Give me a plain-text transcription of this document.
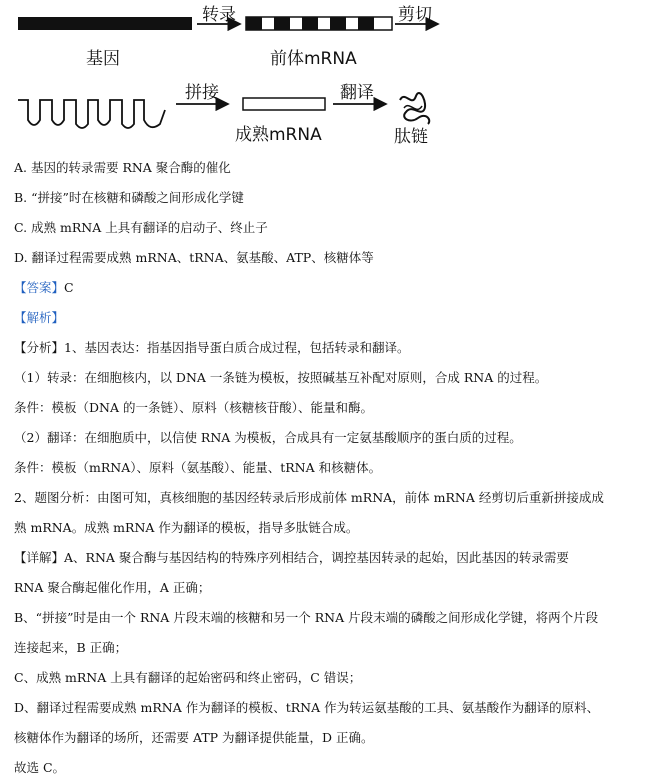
转录	剪切
基因	前体mRNA
拼接	翻译
成熟mRNA	肽链
A. 基因的转录需要 RNA 聚合酶的催化
B. “拼接”时在核糖和磷酸之间形成化学键
C. 成熟 mRNA 上具有翻译的启动子、终止子
D. 翻译过程需要成熟 mRNA、tRNA、氨基酸、ATP、核糖体等
【答案】C
【解析】
【分析】1、基因表达：指基因指导蛋白质合成过程，包括转录和翻译。
（1）转录：在细胞核内，以 DNA 一条链为模板，按照碱基互补配对原则，合成 RNA 的过程。
条件：模板（DNA 的一条链）、原料（核糖核苷酸）、能量和酶。
（2）翻译：在细胞质中，以信使 RNA 为模板，合成具有一定氨基酸顺序的蛋白质的过程。
条件：模板（mRNA）、原料（氨基酸）、能量、tRNA 和核糖体。
2、题图分析：由图可知，真核细胞的基因经转录后形成前体 mRNA，前体 mRNA 经剪切后重新拼接成成
熟 mRNA。成熟 mRNA 作为翻译的模板，指导多肽链合成。
【详解】A、RNA 聚合酶与基因结构的特殊序列相结合，调控基因转录的起始，因此基因的转录需要
RNA 聚合酶起催化作用，A 正确；
B、“拼接”时是由一个 RNA 片段末端的核糖和另一个 RNA 片段末端的磷酸之间形成化学键，将两个片段
连接起来，B 正确；
C、成熟 mRNA 上具有翻译的起始密码和终止密码，C 错误；
D、翻译过程需要成熟 mRNA 作为翻译的模板、tRNA 作为转运氨基酸的工具、氨基酸作为翻译的原料、
核糖体作为翻译的场所，还需要 ATP 为翻译提供能量，D 正确。
故选 C。
